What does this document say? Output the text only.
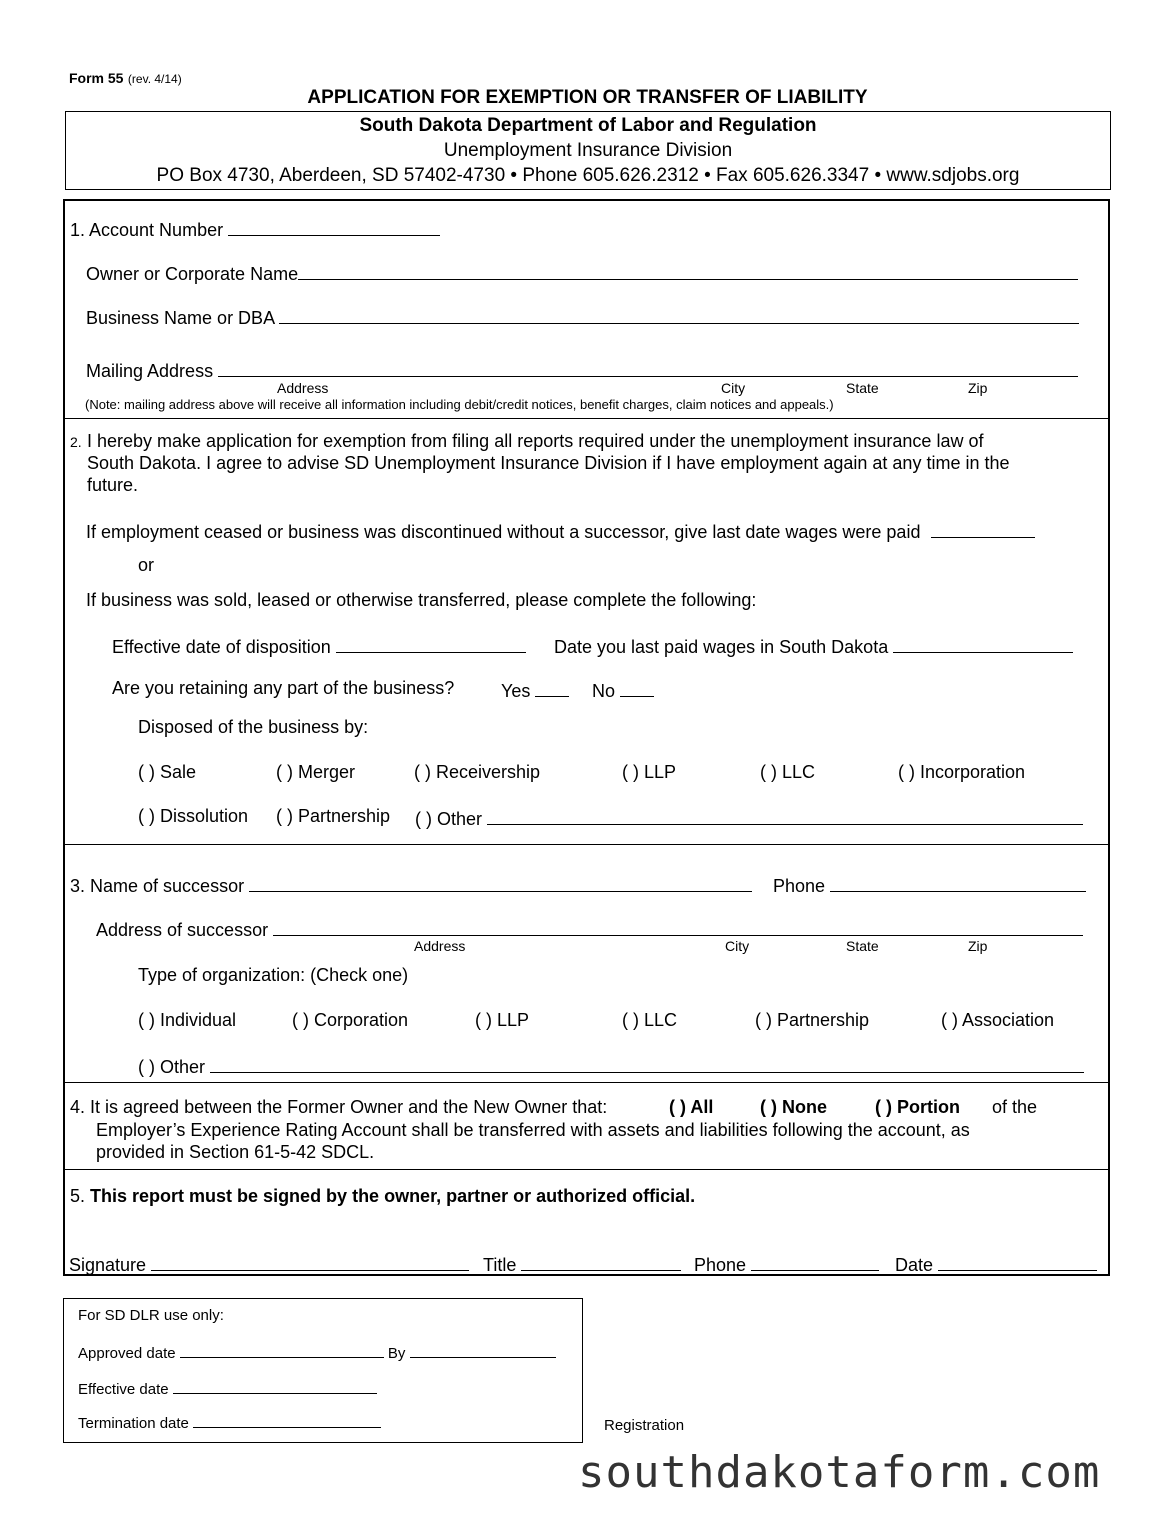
Form 55 (rev. 4/14)
APPLICATION FOR EXEMPTION OR TRANSFER OF LIABILITY
South Dakota Department of Labor and Regulation
Unemployment Insurance Division
PO Box 4730, Aberdeen, SD 57402-4730 • Phone 605.626.2312 • Fax 605.626.3347 • www.sdjobs.org
1. Account Number
Owner or Corporate Name
Business Name or DBA
Mailing Address
Address	City	State	Zip
(Note: mailing address above will receive all information including debit/credit notices, benefit charges, claim notices and appeals.)
2. I hereby make application for exemption from filing all reports required under the unemployment insurance law of
South Dakota. I agree to advise SD Unemployment Insurance Division if I have employment again at any time in the
future.
If employment ceased or business was discontinued without a successor, give last date wages were paid
or
If business was sold, leased or otherwise transferred, please complete the following:
Effective date of disposition	Date you last paid wages in South Dakota
Are you retaining any part of the business?	Yes	No
Disposed of the business by:
( ) Sale	( ) Merger	( ) Receivership	( ) LLP	( ) LLC	( ) Incorporation
( ) Dissolution ( ) Partnership ( ) Other
3. Name of successor	Phone
Address of successor
Address	City	State	Zip
Type of organization: (Check one)
( ) Individual	( ) Corporation	( ) LLP	( ) LLC	( ) Partnership	( ) Association
( ) Other
4. It is agreed between the Former Owner and the New Owner that:	( ) All	( ) None	( ) Portion of the
Employer’s Experience Rating Account shall be transferred with assets and liabilities following the account, as
provided in Section 61-5-42 SDCL.
5. This report must be signed by the owner, partner or authorized official.
Signature	Title	Phone	Date
For SD DLR use only:
Approved date	By
Effective date
Termination date	Registration
southdakotaform.com
